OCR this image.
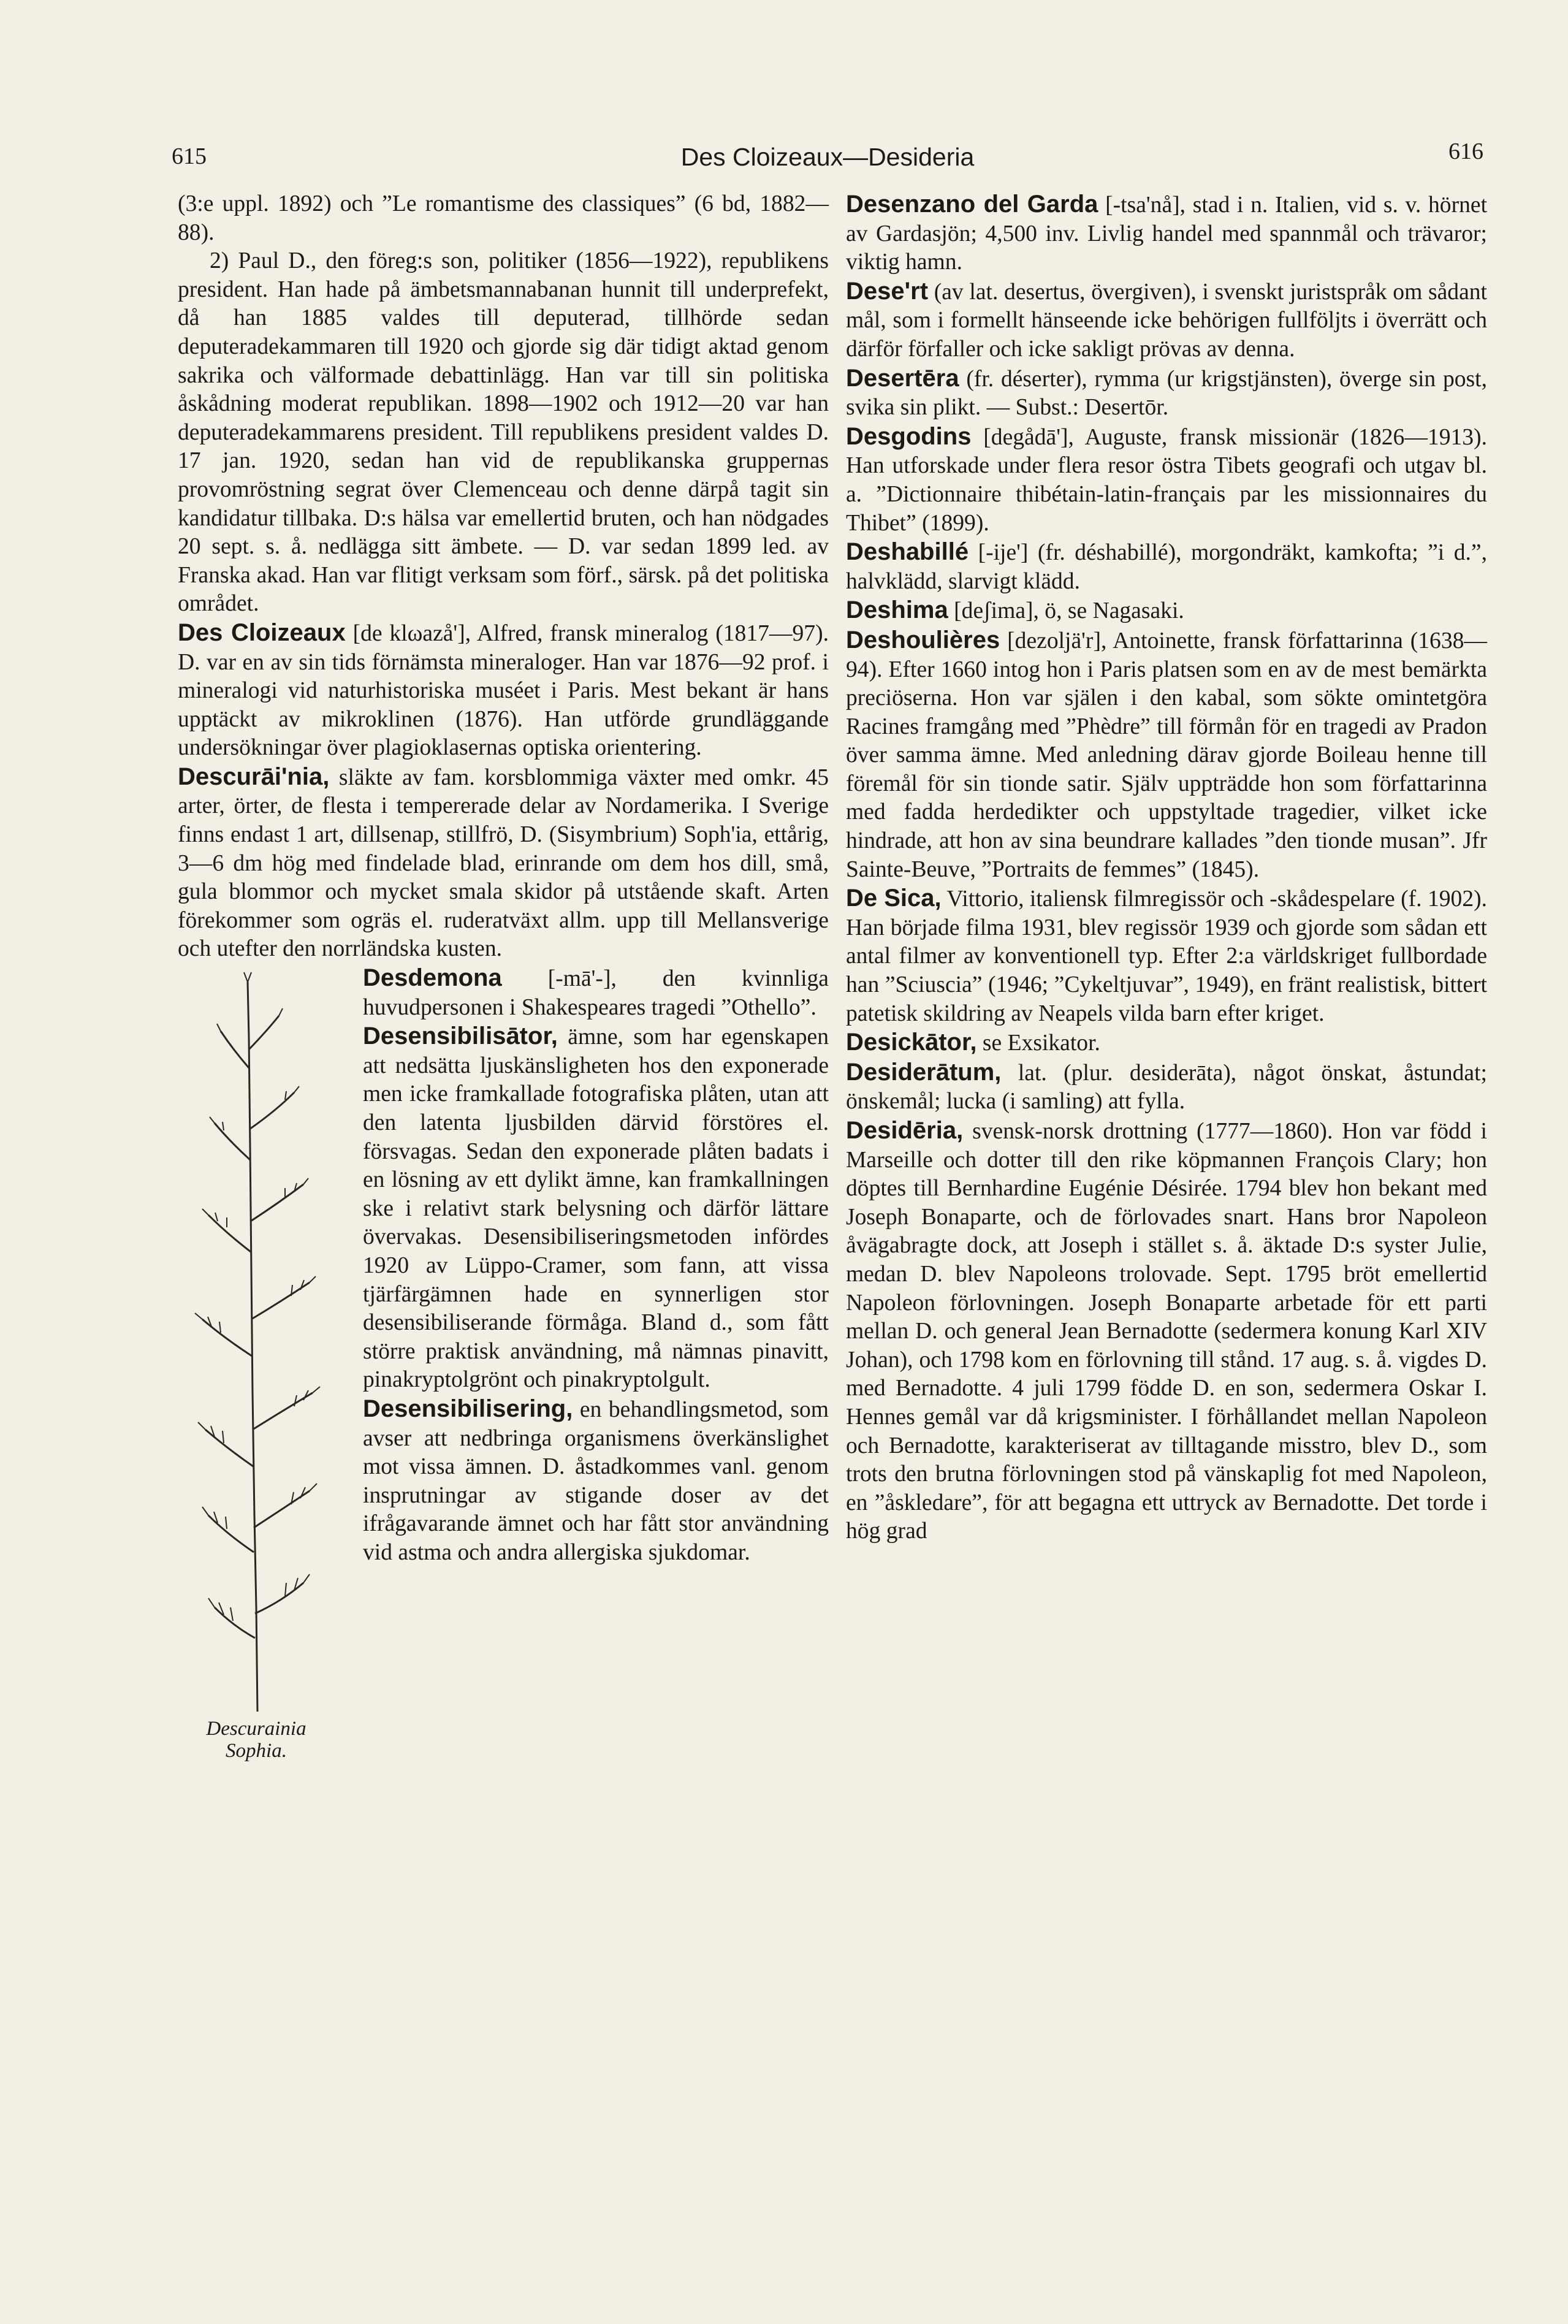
615	Des Cloizeaux—Desideria	616

(3:e uppl. 1892) och ”Le romantisme des classiques” (6 bd, 1882—88).

2) Paul D., den föreg:s son, politiker (1856—1922), republikens president. Han hade på ämbetsmannabanan hunnit till underprefekt, då han 1885 valdes till deputerad, tillhörde sedan deputeradekammaren till 1920 och gjorde sig där tidigt aktad genom sakrika och välformade debattinlägg. Han var till sin politiska åskådning moderat republikan. 1898—1902 och 1912—20 var han deputeradekammarens president. Till republikens president valdes D. 17 jan. 1920, sedan han vid de republikanska gruppernas provomröstning segrat över Clemenceau och denne därpå tagit sin kandidatur tillbaka. D:s hälsa var emellertid bruten, och han nödgades 20 sept. s. å. nedlägga sitt ämbete. — D. var sedan 1899 led. av Franska akad. Han var flitigt verksam som förf., särsk. på det politiska området.

Des Cloizeaux [de klωazå'], Alfred, fransk mineralog (1817—97). D. var en av sin tids förnämsta mineraloger. Han var 1876—92 prof. i mineralogi vid naturhistoriska muséet i Paris. Mest bekant är hans upptäckt av mikroklinen (1876). Han utförde grundläggande undersökningar över plagioklasernas optiska orientering.

Descurāi'nia, släkte av fam. korsblommiga växter med omkr. 45 arter, örter, de flesta i tempererade delar av Nordamerika. I Sverige finns endast 1 art, dillsenap, stillfrö, D. (Sisymbrium) Soph'ia, ettårig, 3—6 dm hög med findelade blad, erinrande om dem hos dill, små, gula blommor och mycket smala skidor på utstående skaft. Arten förekommer som ogräs el. ruderatväxt allm. upp till Mellansverige och utefter den norrländska kusten.

Descurainia Sophia.

Desdemona [-mā'-], den kvinnliga huvudpersonen i Shakespeares tragedi ”Othello”.

Desensibilisātor, ämne, som har egenskapen att nedsätta ljuskänsligheten hos den exponerade men icke framkallade fotografiska plåten, utan att den latenta ljusbilden därvid förstöres el. försvagas. Sedan den exponerade plåten badats i en lösning av ett dylikt ämne, kan framkallningen ske i relativt stark belysning och därför lättare övervakas. Desensibiliseringsmetoden infördes 1920 av Lüppo-Cramer, som fann, att vissa tjärfärgämnen hade en synnerligen stor desensibiliserande förmåga. Bland d., som fått större praktisk användning, må nämnas pinavitt, pinakryptolgrönt och pinakryptolgult.

Desensibilisering, en behandlingsmetod, som avser att nedbringa organismens överkänslighet mot vissa ämnen. D. åstadkommes vanl. genom insprutningar av stigande doser av det ifrågavarande ämnet och har fått stor användning vid astma och andra allergiska sjukdomar.

Desenzano del Garda [-tsa'nå], stad i n. Italien, vid s. v. hörnet av Gardasjön; 4,500 inv. Livlig handel med spannmål och trävaror; viktig hamn.

Dese'rt (av lat. desertus, övergiven), i svenskt juristspråk om sådant mål, som i formellt hänseende icke behörigen fullföljts i överrätt och därför förfaller och icke sakligt prövas av denna.

Desertēra (fr. déserter), rymma (ur krigstjänsten), överge sin post, svika sin plikt. — Subst.: Desertōr.

Desgodins [degådā'], Auguste, fransk missionär (1826—1913). Han utforskade under flera resor östra Tibets geografi och utgav bl. a. ”Dictionnaire thibétain-latin-français par les missionnaires du Thibet” (1899).

Deshabillé [-ije'] (fr. déshabillé), morgondräkt, kamkofta; ”i d.”, halvklädd, slarvigt klädd.

Deshima [deʃima], ö, se Nagasaki.

Deshoulières [dezoljä'r], Antoinette, fransk författarinna (1638—94). Efter 1660 intog hon i Paris platsen som en av de mest bemärkta preciöserna. Hon var själen i den kabal, som sökte omintetgöra Racines framgång med ”Phèdre” till förmån för en tragedi av Pradon över samma ämne. Med anledning därav gjorde Boileau henne till föremål för sin tionde satir. Själv uppträdde hon som författarinna med fadda herdedikter och uppstyltade tragedier, vilket icke hindrade, att hon av sina beundrare kallades ”den tionde musan”. Jfr Sainte-Beuve, ”Portraits de femmes” (1845).

De Sica, Vittorio, italiensk filmregissör och -skådespelare (f. 1902). Han började filma 1931, blev regissör 1939 och gjorde som sådan ett antal filmer av konventionell typ. Efter 2:a världskriget fullbordade han ”Sciuscia” (1946; ”Cykeltjuvar”, 1949), en fränt realistisk, bittert patetisk skildring av Neapels vilda barn efter kriget.

Desickātor, se Exsikator.

Desiderātum, lat. (plur. desiderāta), något önskat, åstundat; önskemål; lucka (i samling) att fylla.

Desidēria, svensk-norsk drottning (1777—1860). Hon var född i Marseille och dotter till den rike köpmannen François Clary; hon döptes till Bernhardine Eugénie Désirée. 1794 blev hon bekant med Joseph Bonaparte, och de förlovades snart. Hans bror Napoleon åvägabragte dock, att Joseph i stället s. å. äktade D:s syster Julie, medan D. blev Napoleons trolovade. Sept. 1795 bröt emellertid Napoleon förlovningen. Joseph Bonaparte arbetade för ett parti mellan D. och general Jean Bernadotte (sedermera konung Karl XIV Johan), och 1798 kom en förlovning till stånd. 17 aug. s. å. vigdes D. med Bernadotte. 4 juli 1799 födde D. en son, sedermera Oskar I. Hennes gemål var då krigsminister. I förhållandet mellan Napoleon och Bernadotte, karakteriserat av tilltagande misstro, blev D., som trots den brutna förlovningen stod på vänskaplig fot med Napoleon, en ”åskledare”, för att begagna ett uttryck av Bernadotte. Det torde i hög grad
